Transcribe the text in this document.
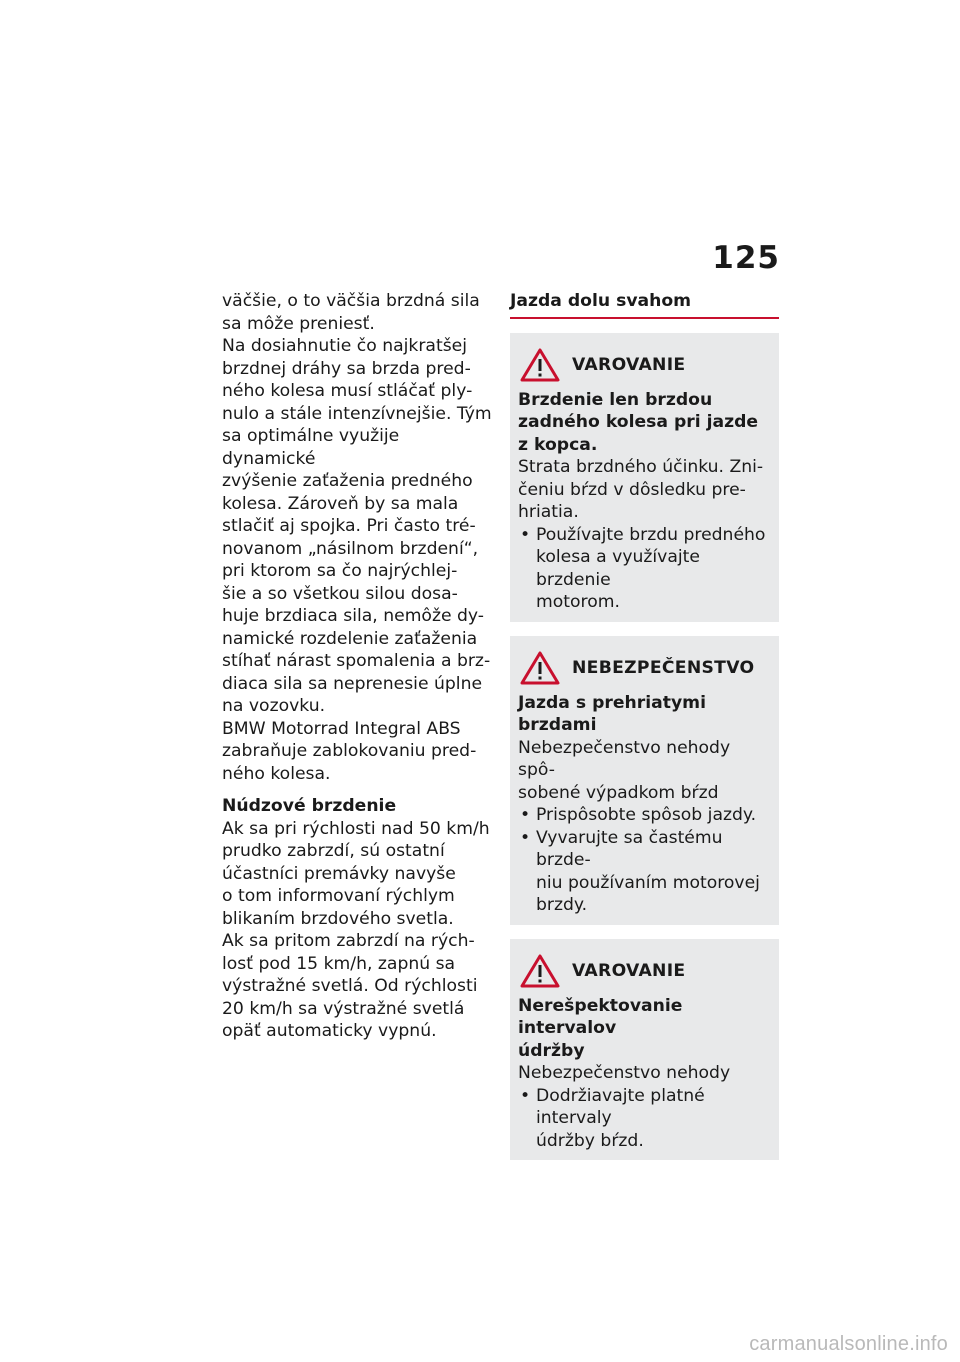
125

väčšie, o to väčšia brzdná sila

sa môže preniesť.

Na dosiahnutie čo najkratšej

brzdnej dráhy sa brzda pred-

ného kolesa musí stláčať ply-

nulo a stále intenzívnejšie. Tým

sa optimálne využije dynamické

zvýšenie zaťaženia predného

kolesa. Zároveň by sa mala

stlačiť aj spojka. Pri často tré-

novanom „násilnom brzdení“,

pri ktorom sa čo najrýchlej-

šie a so všetkou silou dosa-

huje brzdiaca sila, nemôže dy-

namické rozdelenie zaťaženia

stíhať nárast spomalenia a brz-

diaca sila sa neprenesie úplne

na vozovku.

BMW Motorrad Integral ABS

zabraňuje zablokovaniu pred-

ného kolesa.

Núdzové brzdenie

Ak sa pri rýchlosti nad 50 km/h

prudko zabrzdí, sú ostatní

účastníci premávky navyše

o tom informovaní rýchlym

blikaním brzdového svetla.

Ak sa pritom zabrzdí na rých-

losť pod 15 km/h, zapnú sa

výstražné svetlá. Od rýchlosti

20 km/h sa výstražné svetlá

opäť automaticky vypnú.

Jazda dolu svahom
VAROVANIE
Brzdenie len brzdou
zadného kolesa pri jazde
z kopca.
Strata brzdného účinku. Zni-
čeniu bŕzd v dôsledku pre-
hriatia.
• Používajte brzdu predného
kolesa a využívajte brzdenie
motorom.
NEBEZPEČENSTVO
Jazda s prehriatymi brzdami
Nebezpečenstvo nehody spô-
sobené výpadkom bŕzd
• Prispôsobte spôsob jazdy.
• Vyvarujte sa častému brzde-
niu používaním motorovej
brzdy.
VAROVANIE
Nerešpektovanie intervalov
údržby
Nebezpečenstvo nehody
• Dodržiavajte platné intervaly
údržby bŕzd.
carmanualsonline.info
